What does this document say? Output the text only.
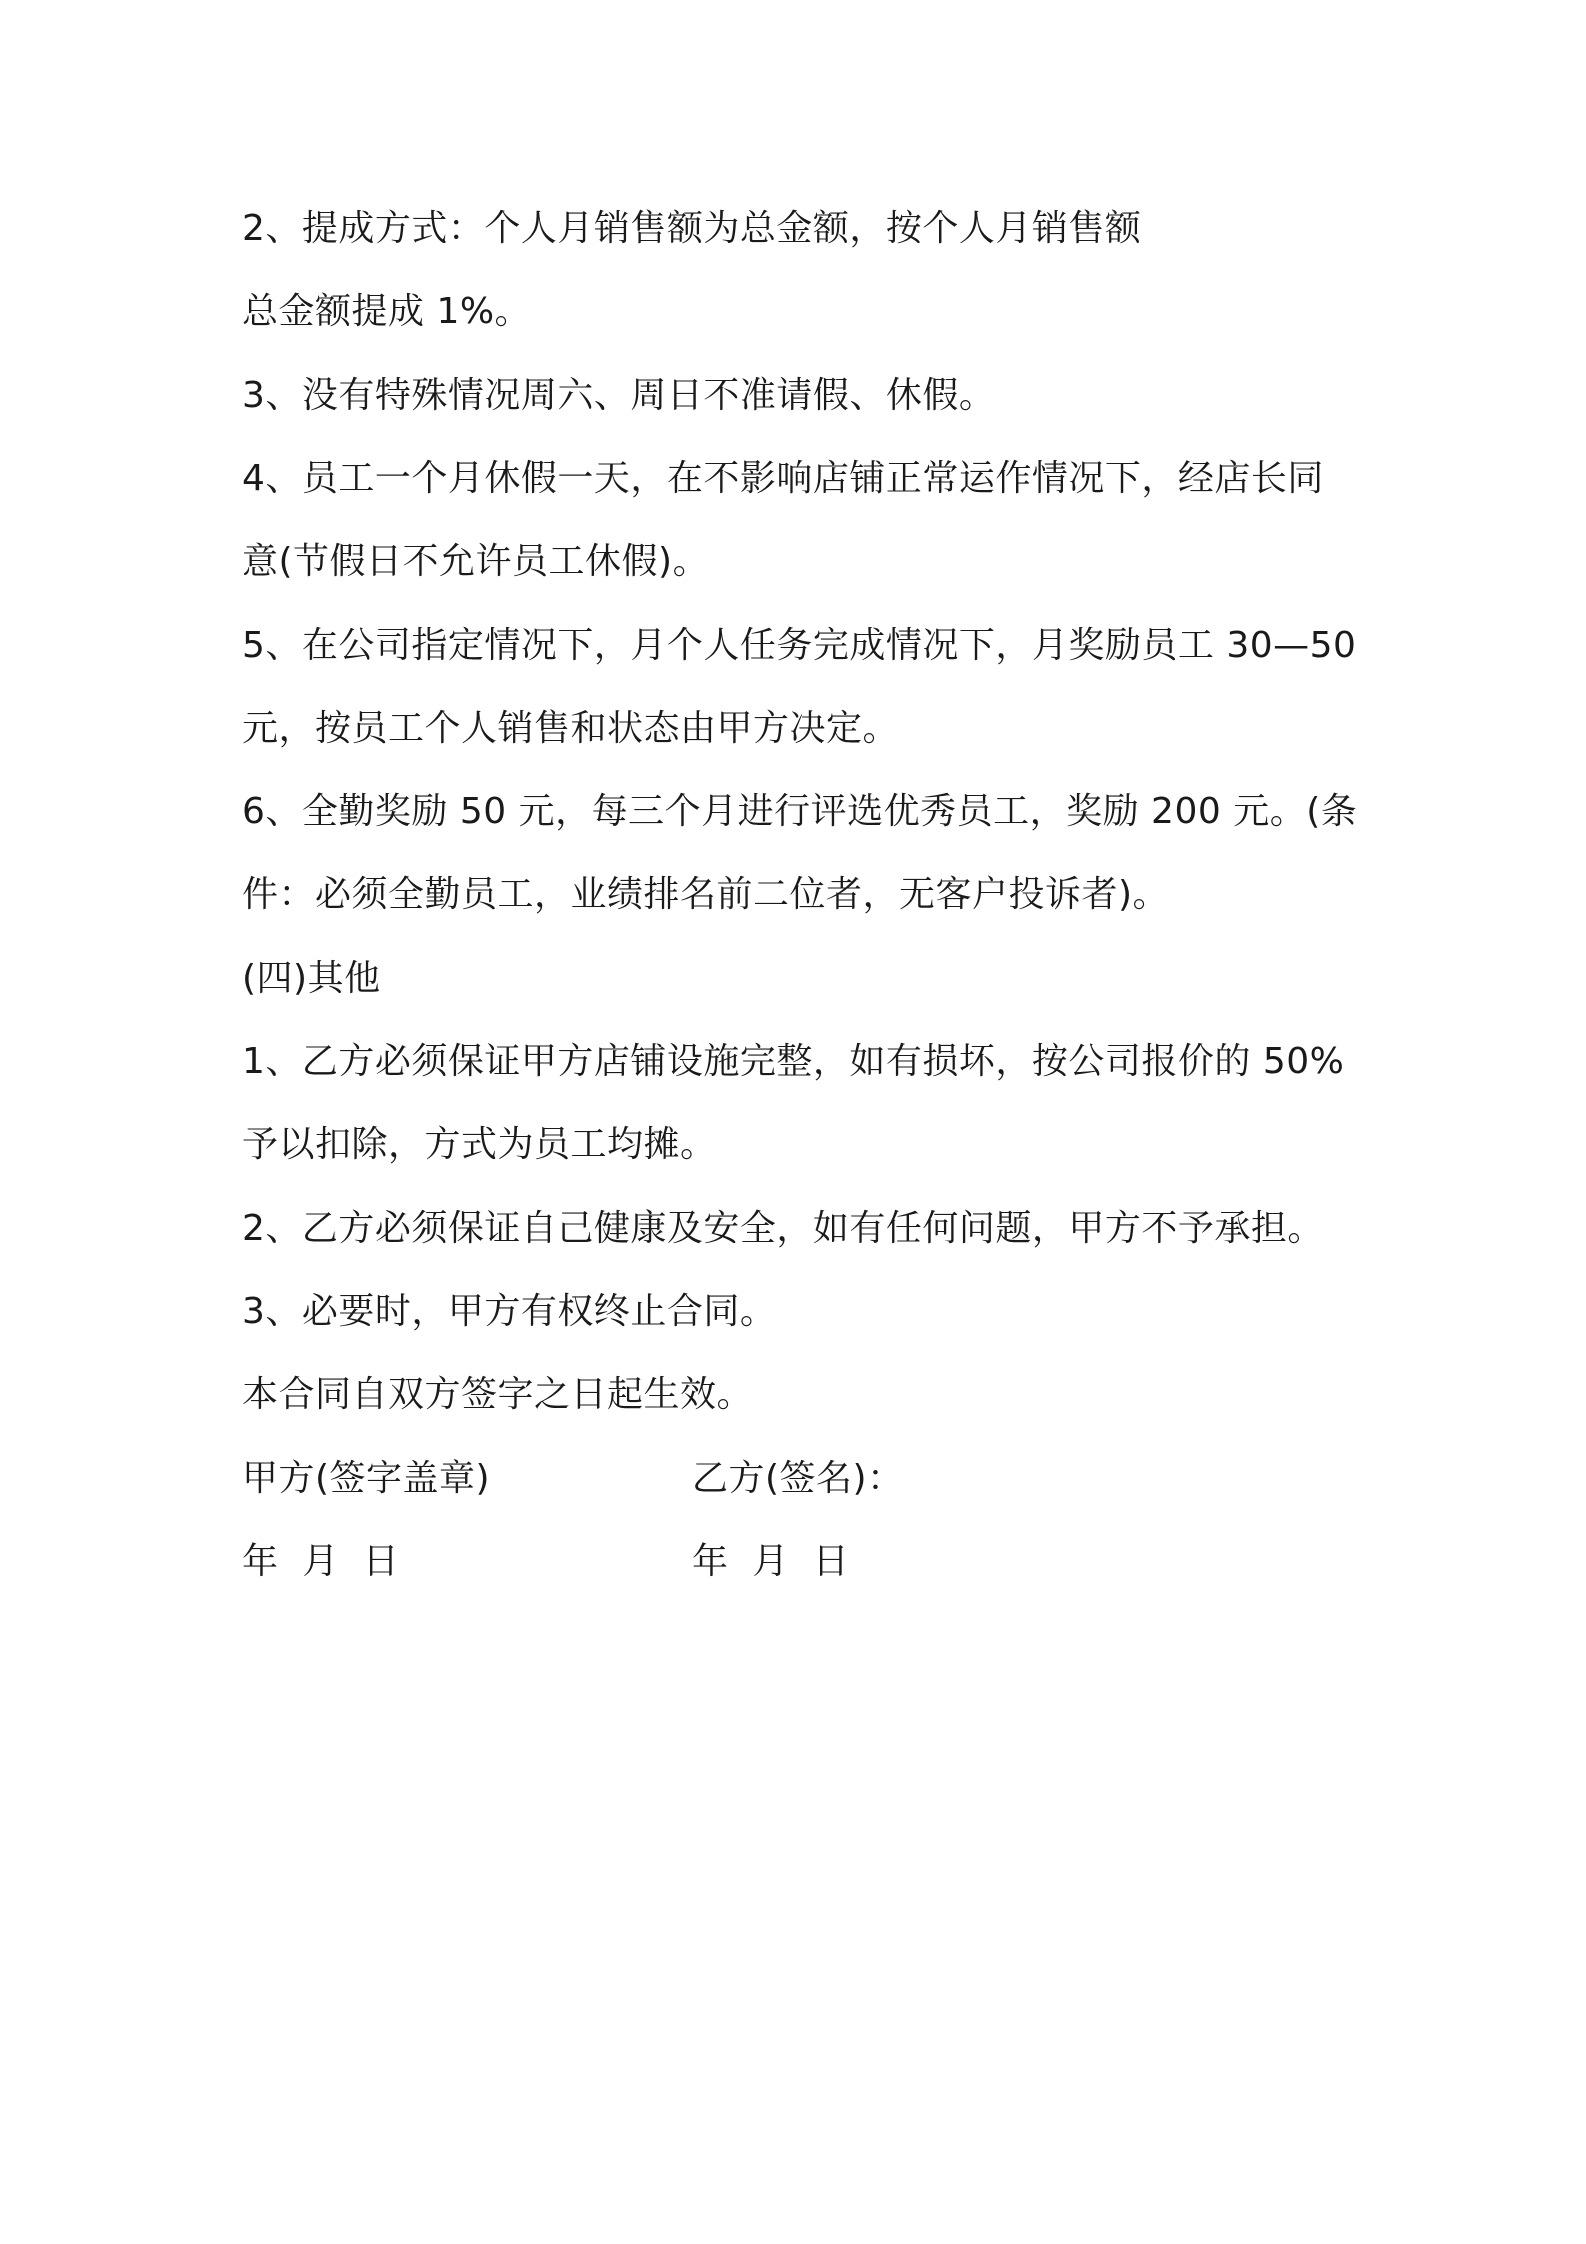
2、提成方式：个人月销售额为总金额，按个人月销售额
总金额提成 1%。
3、没有特殊情况周六、周日不准请假、休假。
4、员工一个月休假一天，在不影响店铺正常运作情况下，经店长同
意(节假日不允许员工休假)。
5、在公司指定情况下，月个人任务完成情况下，月奖励员工 30—50
元，按员工个人销售和状态由甲方决定。
6、全勤奖励 50 元，每三个月进行评选优秀员工，奖励 200 元。(条
件：必须全勤员工，业绩排名前二位者，无客户投诉者)。
(四)其他
1、乙方必须保证甲方店铺设施完整，如有损坏，按公司报价的 50%
予以扣除，方式为员工均摊。
2、乙方必须保证自己健康及安全，如有任何问题，甲方不予承担。
3、必要时，甲方有权终止合同。
本合同自双方签字之日起生效。
甲方(签字盖章)	乙方(签名)：
年  月  日	年  月  日
